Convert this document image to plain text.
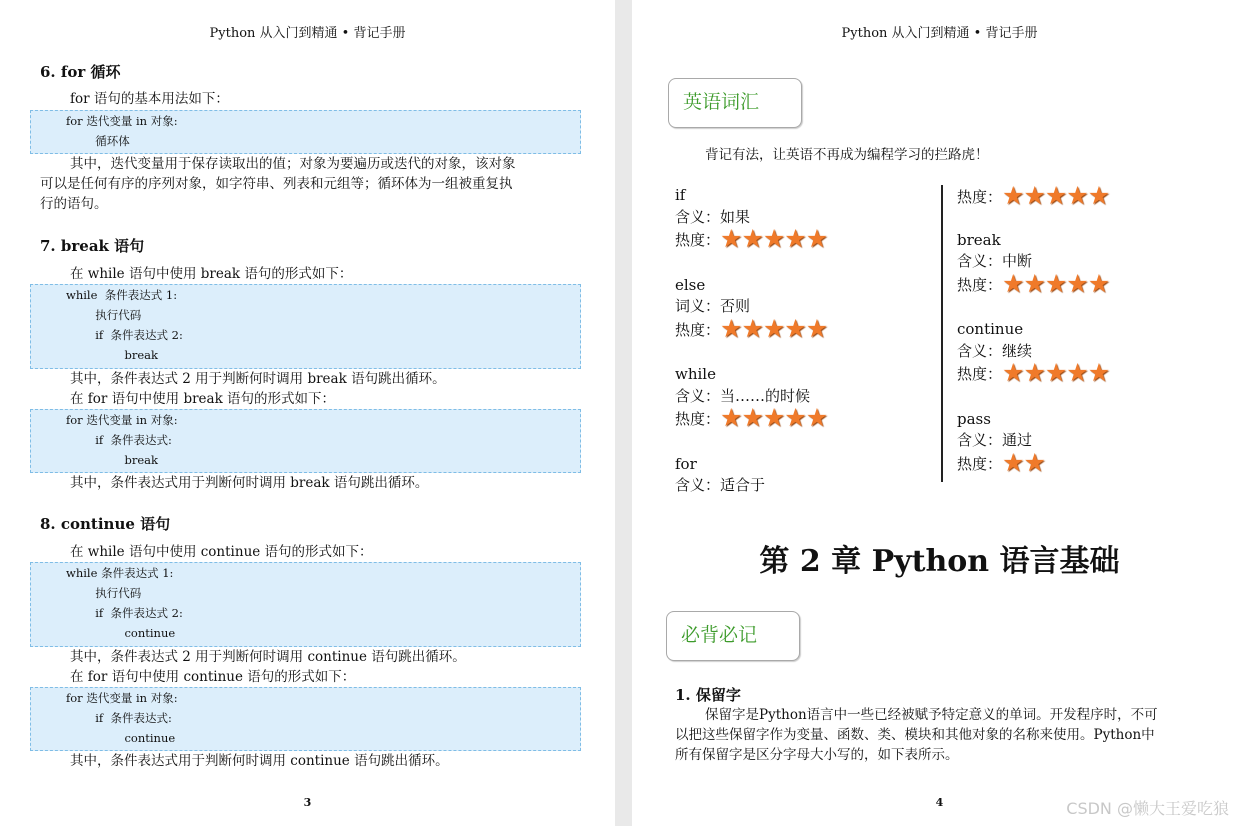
Python 从入门到精通 • 背记手册
6. for 循环
for 语句的基本用法如下：
for 迭代变量 in 对象:
循环体
其中，迭代变量用于保存读取出的值；对象为要遍历或迭代的对象，该对象
可以是任何有序的序列对象，如字符串、列表和元组等；循环体为一组被重复执
行的语句。
7. break 语句
在 while 语句中使用 break 语句的形式如下：
while  条件表达式 1:
执行代码
if  条件表达式 2:
break
其中，条件表达式 2 用于判断何时调用 break 语句跳出循环。
在 for 语句中使用 break 语句的形式如下：
for 迭代变量 in 对象:
if  条件表达式:
break
其中，条件表达式用于判断何时调用 break 语句跳出循环。
8. continue 语句
在 while 语句中使用 continue 语句的形式如下：
while 条件表达式 1:
执行代码
if  条件表达式 2:
continue
其中，条件表达式 2 用于判断何时调用 continue 语句跳出循环。
在 for 语句中使用 continue 语句的形式如下：
for 迭代变量 in 对象:
if  条件表达式:
continue
其中，条件表达式用于判断何时调用 continue 语句跳出循环。
3
Python 从入门到精通 • 背记手册
4
英语词汇
背记有法，让英语不再成为编程学习的拦路虎！
if
含义：如果
热度：★★★★★
else
词义：否则
热度：★★★★★
while
含义：当……的时候
热度：★★★★★
for
含义：适合于
热度：★★★★★
break
含义：中断
热度：★★★★★
continue
含义：继续
热度：★★★★★
pass
含义：通过
热度：★★
第 2 章 Python 语言基础
必背必记
1. 保留字
保留字是Python语言中一些已经被赋予特定意义的单词。开发程序时，不可
以把这些保留字作为变量、函数、类、模块和其他对象的名称来使用。Python中
所有保留字是区分字母大小写的，如下表所示。
CSDN @懒大王爱吃狼
